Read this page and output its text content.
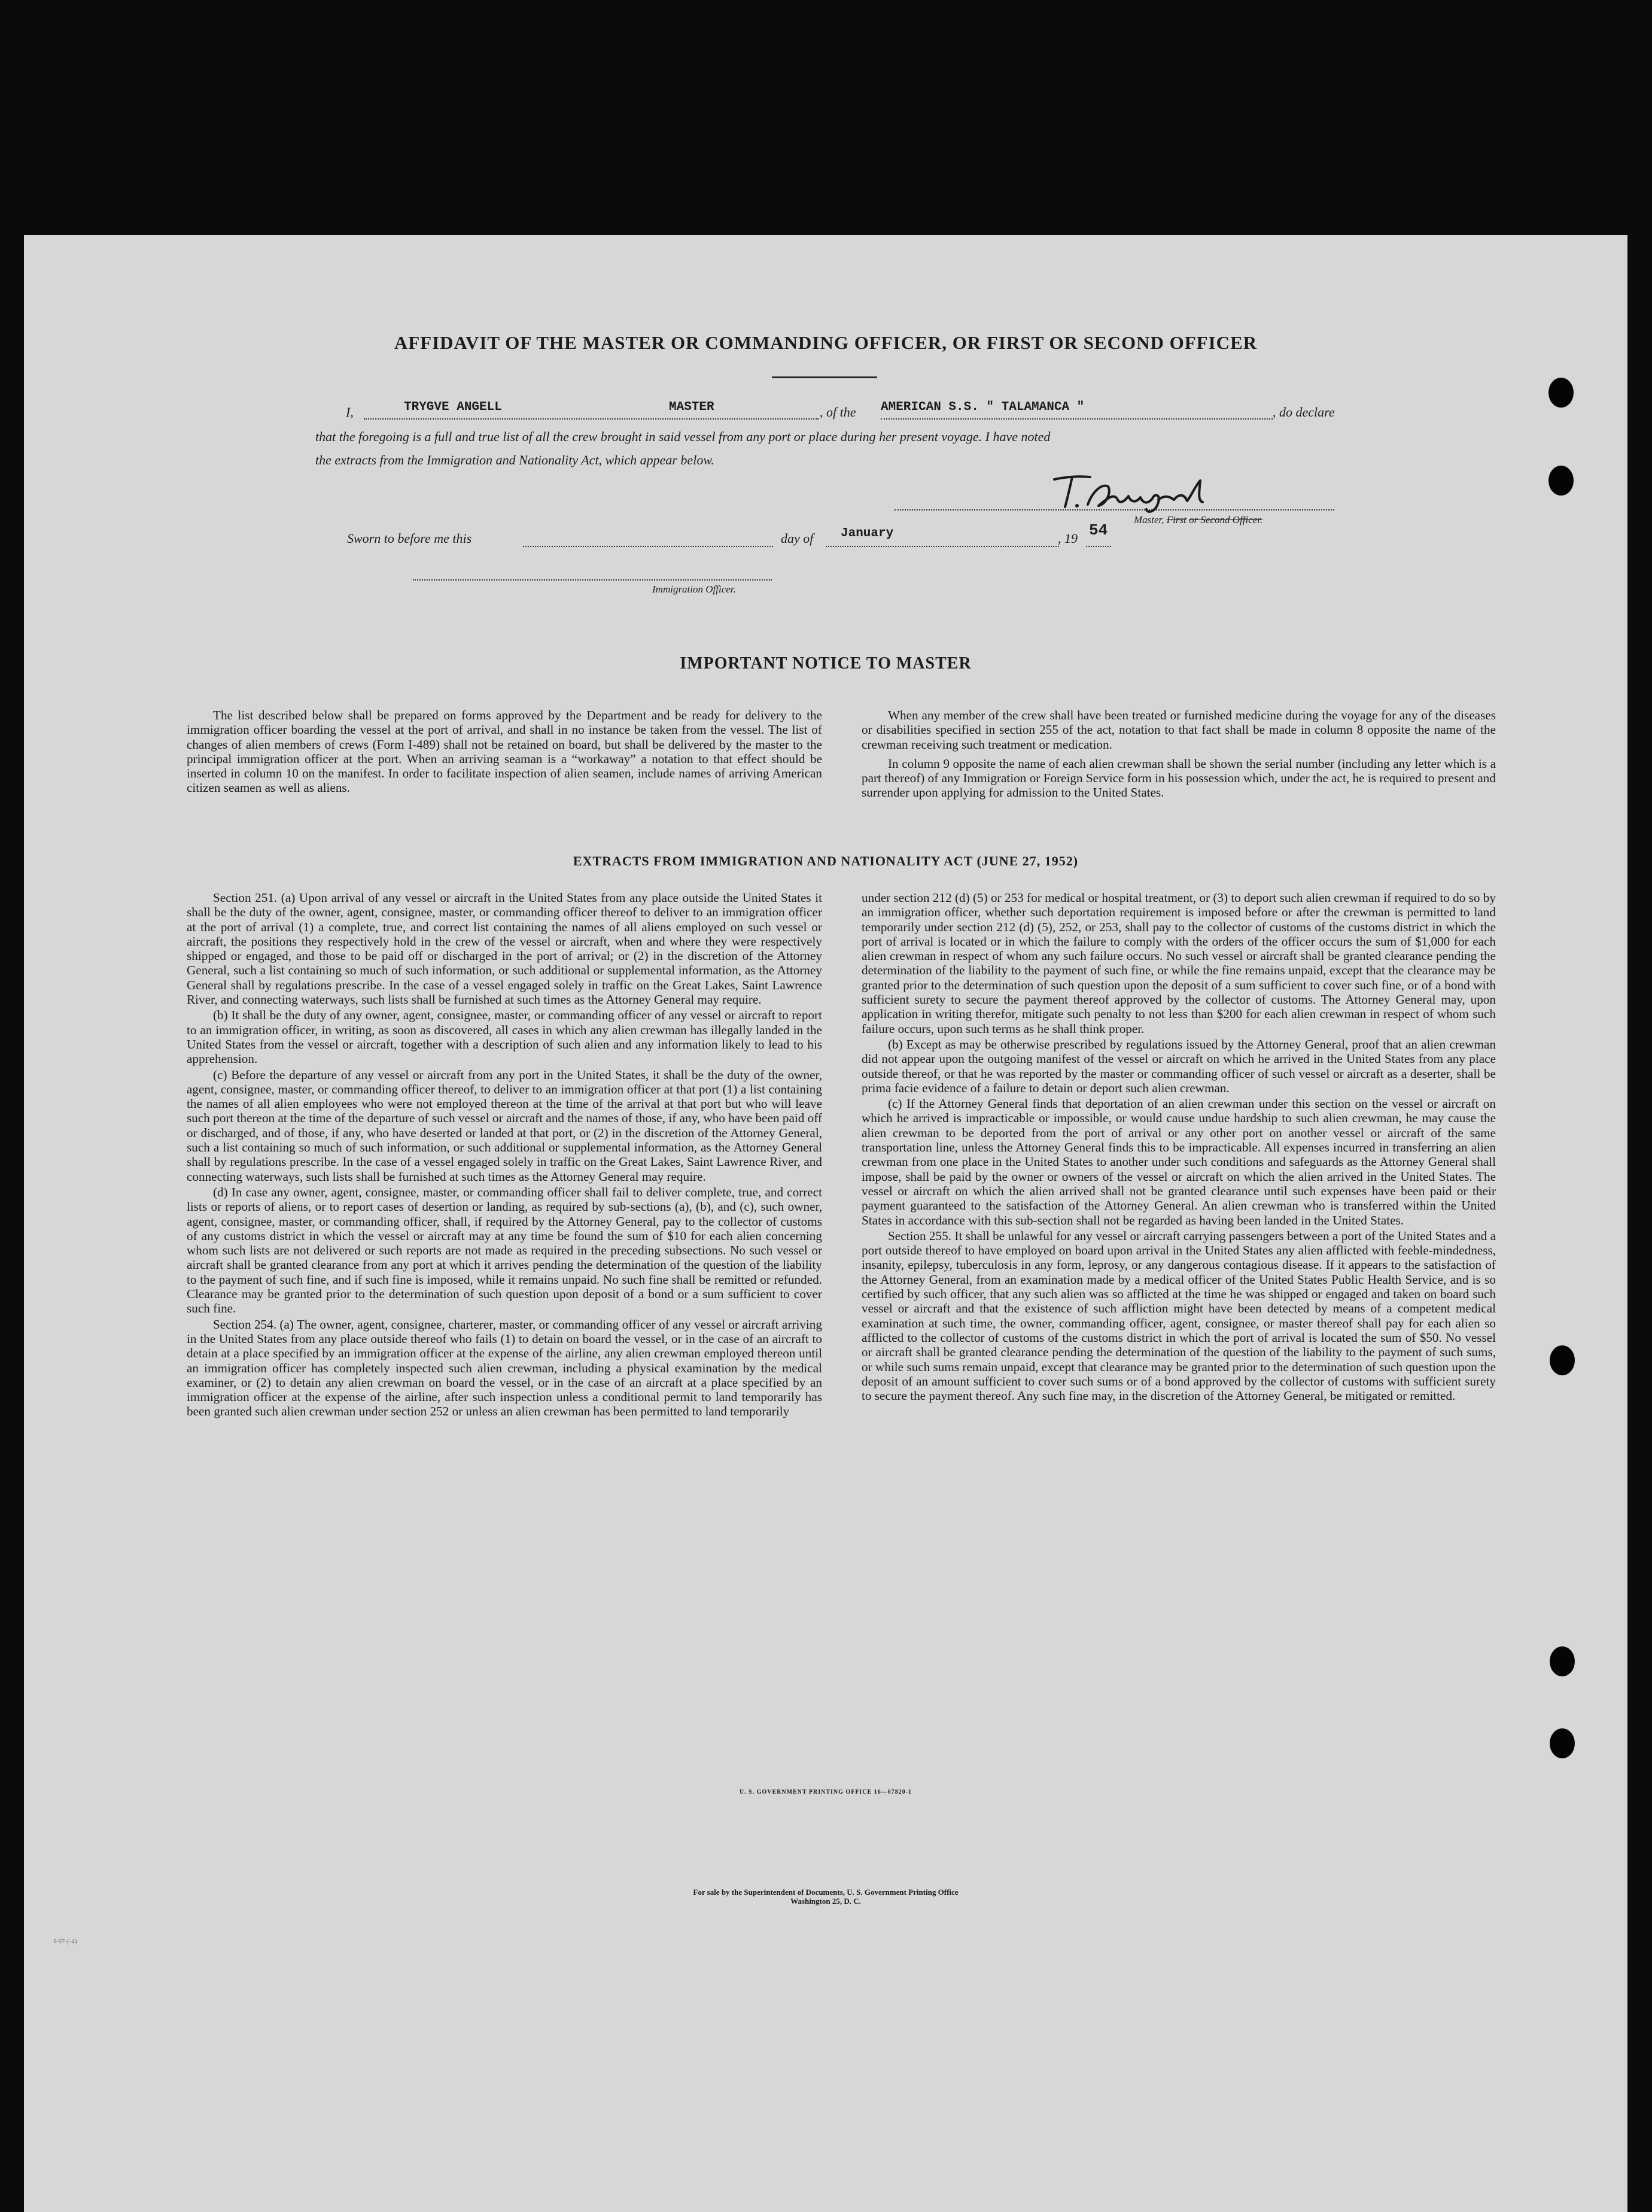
AFFIDAVIT OF THE MASTER OR COMMANDING OFFICER, OR FIRST OR SECOND OFFICER
I,	TRYGVE ANGELL	MASTER	, of the AMERICAN S.S. " TALAMANCA "	, do declare
that the foregoing is a full and true list of all the crew brought in said vessel from any port or place during her present voyage. I have noted
the extracts from the Immigration and Nationality Act, which appear below.
Master, First or Second Officer.
Sworn to before me this	day of January	, 19 54
Immigration Officer.
IMPORTANT NOTICE TO MASTER

The list described below shall be prepared on forms approved by the Department and be ready for delivery to the immigration officer boarding the vessel at the port of arrival, and shall in no instance be taken from the vessel. The list of changes of alien members of crews (Form I-489) shall not be retained on board, but shall be delivered by the master to the principal immigration officer at the port. When an arriving seaman is a “workaway” a notation to that effect should be inserted in column 10 on the manifest. In order to facilitate inspection of alien seamen, include names of arriving American citizen seamen as well as aliens.

When any member of the crew shall have been treated or furnished medicine during the voyage for any of the diseases or disabilities specified in section 255 of the act, notation to that fact shall be made in column 8 opposite the name of the crewman receiving such treatment or medication.

In column 9 opposite the name of each alien crewman shall be shown the serial number (including any letter which is a part thereof) of any Immigration or Foreign Service form in his possession which, under the act, he is required to present and surrender upon applying for admission to the United States.

EXTRACTS FROM IMMIGRATION AND NATIONALITY ACT (JUNE 27, 1952)

Section 251. (a) Upon arrival of any vessel or aircraft in the United States from any place outside the United States it shall be the duty of the owner, agent, consignee, master, or commanding officer thereof to deliver to an immigration officer at the port of arrival (1) a complete, true, and correct list containing the names of all aliens employed on such vessel or aircraft, the positions they respectively hold in the crew of the vessel or aircraft, when and where they were respectively shipped or engaged, and those to be paid off or discharged in the port of arrival; or (2) in the discretion of the Attorney General, such a list containing so much of such information, or such additional or supplemental information, as the Attorney General shall by regulations prescribe. In the case of a vessel engaged solely in traffic on the Great Lakes, Saint Lawrence River, and connecting waterways, such lists shall be furnished at such times as the Attorney General may require.

(b) It shall be the duty of any owner, agent, consignee, master, or commanding officer of any vessel or aircraft to report to an immigration officer, in writing, as soon as discovered, all cases in which any alien crewman has illegally landed in the United States from the vessel or aircraft, together with a description of such alien and any information likely to lead to his apprehension.

(c) Before the departure of any vessel or aircraft from any port in the United States, it shall be the duty of the owner, agent, consignee, master, or commanding officer thereof, to deliver to an immigration officer at that port (1) a list containing the names of all alien employees who were not employed thereon at the time of the arrival at that port but who will leave such port thereon at the time of the departure of such vessel or aircraft and the names of those, if any, who have been paid off or discharged, and of those, if any, who have deserted or landed at that port, or (2) in the discretion of the Attorney General, such a list containing so much of such information, or such additional or supplemental information, as the Attorney General shall by regulations prescribe. In the case of a vessel engaged solely in traffic on the Great Lakes, Saint Lawrence River, and connecting waterways, such lists shall be furnished at such times as the Attorney General may require.

(d) In case any owner, agent, consignee, master, or commanding officer shall fail to deliver complete, true, and correct lists or reports of aliens, or to report cases of desertion or landing, as required by sub-sections (a), (b), and (c), such owner, agent, consignee, master, or commanding officer, shall, if required by the Attorney General, pay to the collector of customs of any customs district in which the vessel or aircraft may at any time be found the sum of $10 for each alien concerning whom such lists are not delivered or such reports are not made as required in the preceding subsections. No such vessel or aircraft shall be granted clearance from any port at which it arrives pending the determination of the question of the liability to the payment of such fine, and if such fine is imposed, while it remains unpaid. No such fine shall be remitted or refunded. Clearance may be granted prior to the determination of such question upon deposit of a bond or a sum sufficient to cover such fine.

Section 254. (a) The owner, agent, consignee, charterer, master, or commanding officer of any vessel or aircraft arriving in the United States from any place outside thereof who fails (1) to detain on board the vessel, or in the case of an aircraft to detain at a place specified by an immigration officer at the expense of the airline, any alien crewman employed thereon until an immigration officer has completely inspected such alien crewman, including a physical examination by the medical examiner, or (2) to detain any alien crewman on board the vessel, or in the case of an aircraft at a place specified by an immigration officer at the expense of the airline, after such inspection unless a conditional permit to land temporarily has been granted such alien crewman under section 252 or unless an alien crewman has been permitted to land temporarily

under section 212 (d) (5) or 253 for medical or hospital treatment, or (3) to deport such alien crewman if required to do so by an immigration officer, whether such deportation requirement is imposed before or after the crewman is permitted to land temporarily under section 212 (d) (5), 252, or 253, shall pay to the collector of customs of the customs district in which the port of arrival is located or in which the failure to comply with the orders of the officer occurs the sum of $1,000 for each alien crewman in respect of whom any such failure occurs. No such vessel or aircraft shall be granted clearance pending the determination of the liability to the payment of such fine, or while the fine remains unpaid, except that the clearance may be granted prior to the determination of such question upon the deposit of a sum sufficient to cover such fine, or of a bond with sufficient surety to secure the payment thereof approved by the collector of customs. The Attorney General may, upon application in writing therefor, mitigate such penalty to not less than $200 for each alien crewman in respect of whom such failure occurs, upon such terms as he shall think proper.

(b) Except as may be otherwise prescribed by regulations issued by the Attorney General, proof that an alien crewman did not appear upon the outgoing manifest of the vessel or aircraft on which he arrived in the United States from any place outside thereof, or that he was reported by the master or commanding officer of such vessel or aircraft as a deserter, shall be prima facie evidence of a failure to detain or deport such alien crewman.

(c) If the Attorney General finds that deportation of an alien crewman under this section on the vessel or aircraft on which he arrived is impracticable or impossible, or would cause undue hardship to such alien crewman, he may cause the alien crewman to be deported from the port of arrival or any other port on another vessel or aircraft of the same transportation line, unless the Attorney General finds this to be impracticable. All expenses incurred in transferring an alien crewman from one place in the United States to another under such conditions and safeguards as the Attorney General shall impose, shall be paid by the owner or owners of the vessel or aircraft on which the alien arrived in the United States. The vessel or aircraft on which the alien arrived shall not be granted clearance until such expenses have been paid or their payment guaranteed to the satisfaction of the Attorney General. An alien crewman who is transferred within the United States in accordance with this sub-section shall not be regarded as having been landed in the United States.

Section 255. It shall be unlawful for any vessel or aircraft carrying passengers between a port of the United States and a port outside thereof to have employed on board upon arrival in the United States any alien afflicted with feeble-mindedness, insanity, epilepsy, tuberculosis in any form, leprosy, or any dangerous contagious disease. If it appears to the satisfaction of the Attorney General, from an examination made by a medical officer of the United States Public Health Service, and is so certified by such officer, that any such alien was so afflicted at the time he was shipped or engaged and taken on board such vessel or aircraft and that the existence of such affliction might have been detected by means of a competent medical examination at such time, the owner, commanding officer, agent, consignee, or master thereof shall pay for each alien so afflicted to the collector of customs of the customs district in which the port of arrival is located the sum of $50. No vessel or aircraft shall be granted clearance pending the determination of the question of the liability to the payment of such sums, or while such sums remain unpaid, except that clearance may be granted prior to the determination of such question upon the deposit of an amount sufficient to cover such sums or of a bond approved by the collector of customs with sufficient surety to secure the payment thereof. Any such fine may, in the discretion of the Attorney General, be mitigated or remitted.

U. S. GOVERNMENT PRINTING OFFICE 16—67820-1
For sale by the Superintendent of Documents, U. S. Government Printing Office
Washington 25, D. C.
I-97-(-4)
